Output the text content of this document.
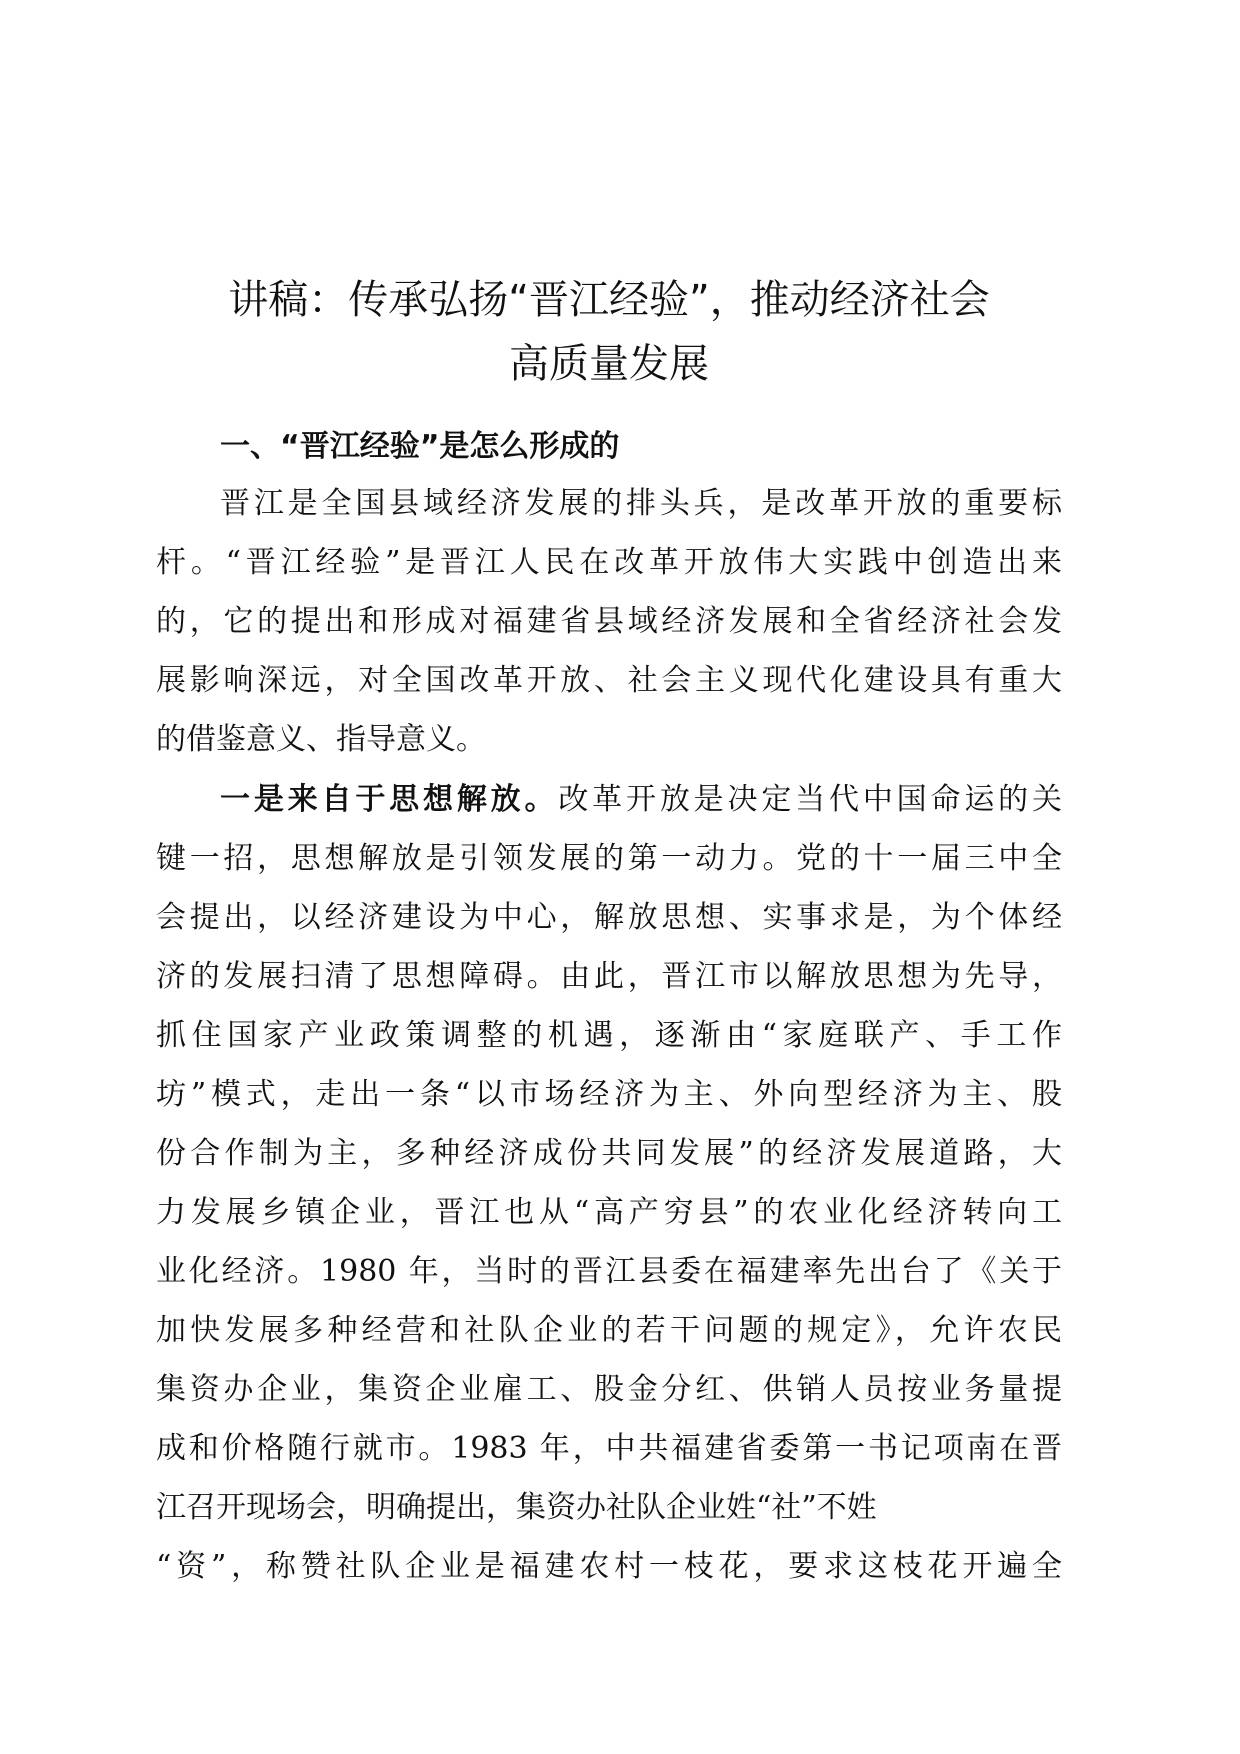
讲稿：传承弘扬“晋江经验”，推动经济社会
高质量发展
一、“晋江经验”是怎么形成的

晋江是全国县域经济发展的排头兵，是改革开放的重要标
杆。“晋江经验”是晋江人民在改革开放伟大实践中创造出来
的，它的提出和形成对福建省县域经济发展和全省经济社会发
展影响深远，对全国改革开放、社会主义现代化建设具有重大
的借鉴意义、指导意义。

一是来自于思想解放。改革开放是决定当代中国命运的关
键一招，思想解放是引领发展的第一动力。党的十一届三中全
会提出，以经济建设为中心，解放思想、实事求是，为个体经
济的发展扫清了思想障碍。由此，晋江市以解放思想为先导，
抓住国家产业政策调整的机遇，逐渐由“家庭联产、手工作
坊”模式，走出一条“以市场经济为主、外向型经济为主、股
份合作制为主，多种经济成份共同发展”的经济发展道路，大
力发展乡镇企业，晋江也从“高产穷县”的农业化经济转向工
业化经济。1980 年，当时的晋江县委在福建率先出台了《关于
加快发展多种经营和社队企业的若干问题的规定》，允许农民
集资办企业，集资企业雇工、股金分红、供销人员按业务量提
成和价格随行就市。1983 年，中共福建省委第一书记项南在晋
江召开现场会，明确提出，集资办社队企业姓“社”不姓
“资”，称赞社队企业是福建农村一枝花，要求这枝花开遍全
